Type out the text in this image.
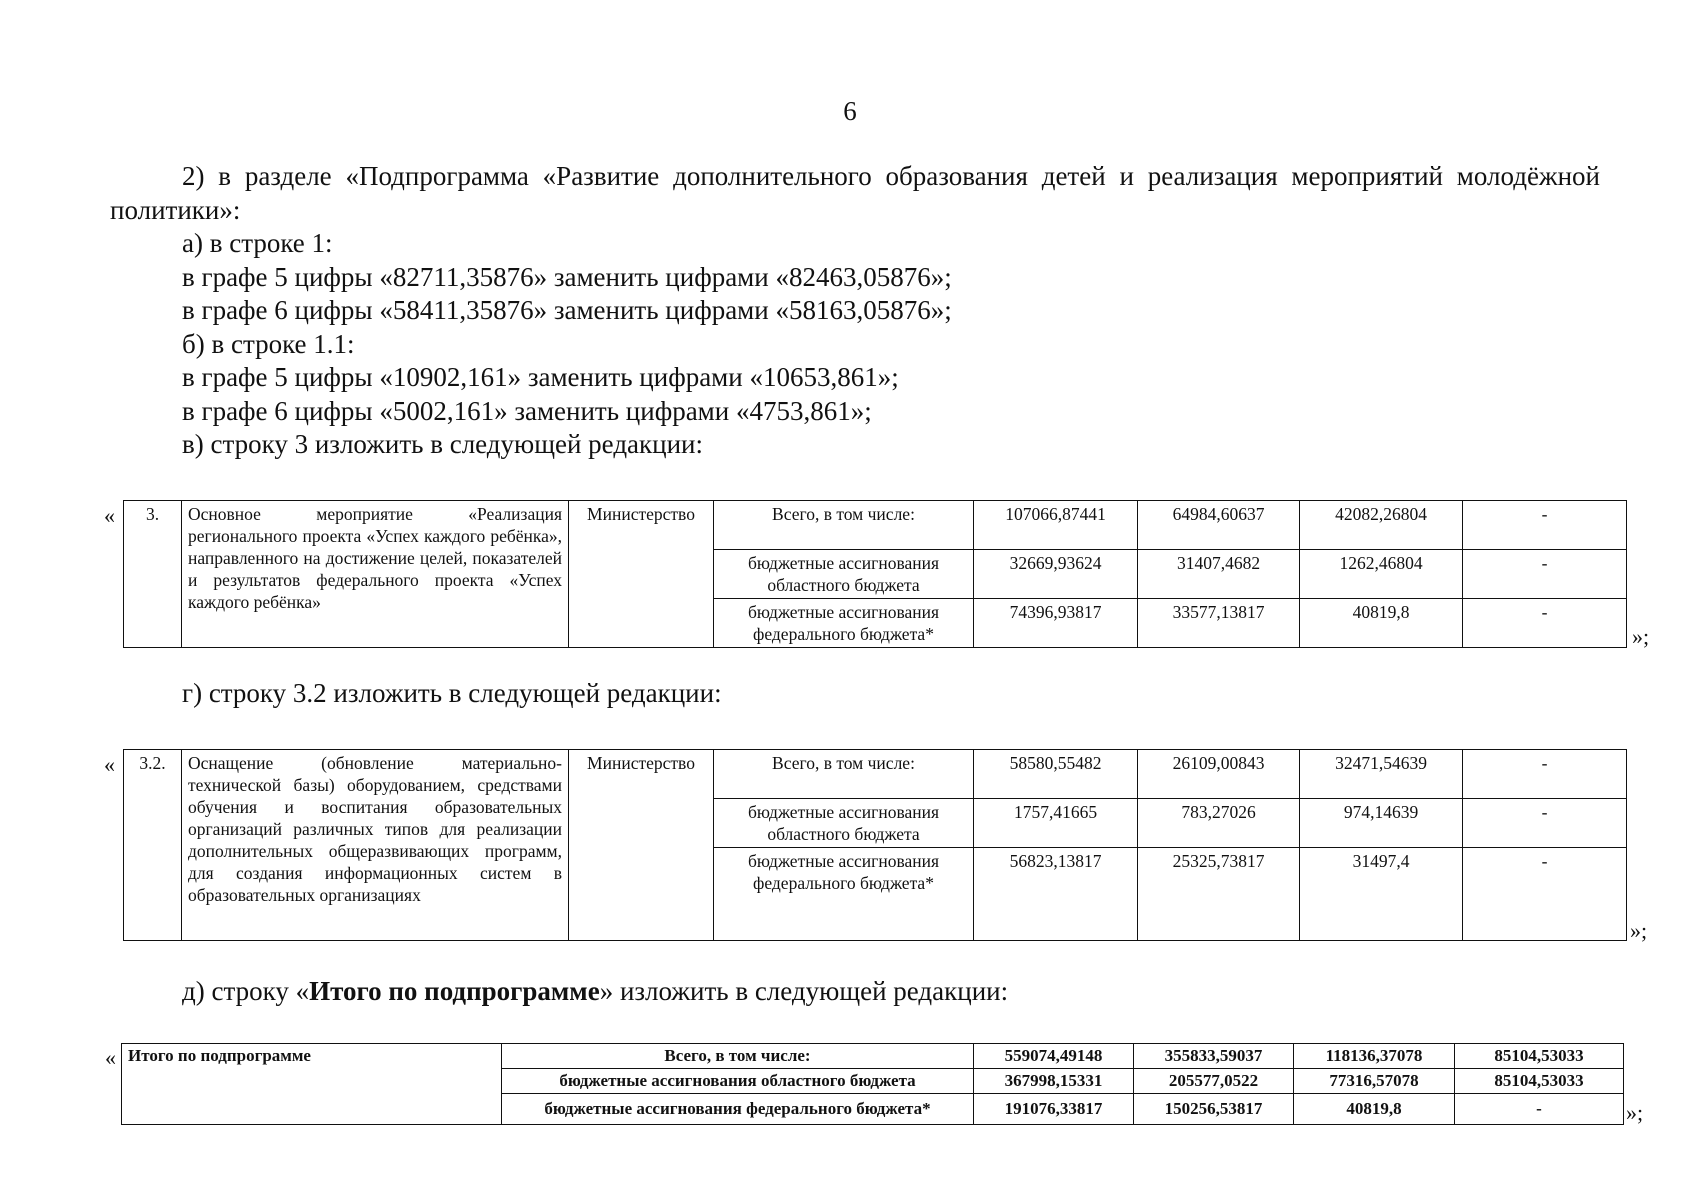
6

2) в разделе «Подпрограмма «Развитие дополнительного образования детей и реализация мероприятий молодёжной политики»:

а) в строке 1:

в графе 5 цифры «82711,35876» заменить цифрами «82463,05876»;

в графе 6 цифры «58411,35876» заменить цифрами «58163,05876»;

б) в строке 1.1:

в графе 5 цифры «10902,161» заменить цифрами «10653,861»;

в графе 6 цифры «5002,161» заменить цифрами «4753,861»;

в) строку 3 изложить в следующей редакции:

« 3.	Основное мероприятие «Реализация регионального проекта «Успех каждого ребёнка», направленного на достижение целей, показателей и результатов федерального проекта «Успех каждого ребёнка»	Министерство	Всего, в том числе:	107066,87441	64984,60637	42082,26804	-
			бюджетные ассигнования областного бюджета	32669,93624	31407,4682	1262,46804	-
			бюджетные ассигнования федерального бюджета*	74396,93817	33577,13817	40819,8	-
»;
г) строку 3.2 изложить в следующей редакции:
« 3.2.	Оснащение (обновление материально-технической базы) оборудованием, средствами обучения и воспитания образовательных организаций различных типов для реализации дополнительных общеразвивающих программ, для создания информационных систем в образовательных организациях	Министерство	Всего, в том числе:	58580,55482	26109,00843	32471,54639	-
			бюджетные ассигнования областного бюджета	1757,41665	783,27026	974,14639	-
			бюджетные ассигнования федерального бюджета*	56823,13817	25325,73817	31497,4	-
»;
д) строку «Итого по подпрограмме» изложить в следующей редакции:
« Итого по подпрограмме	Всего, в том числе:	559074,49148	355833,59037	118136,37078	85104,53033
	бюджетные ассигнования областного бюджета	367998,15331	205577,0522	77316,57078	85104,53033
	бюджетные ассигнования федерального бюджета*	191076,33817	150256,53817	40819,8	-	»;
